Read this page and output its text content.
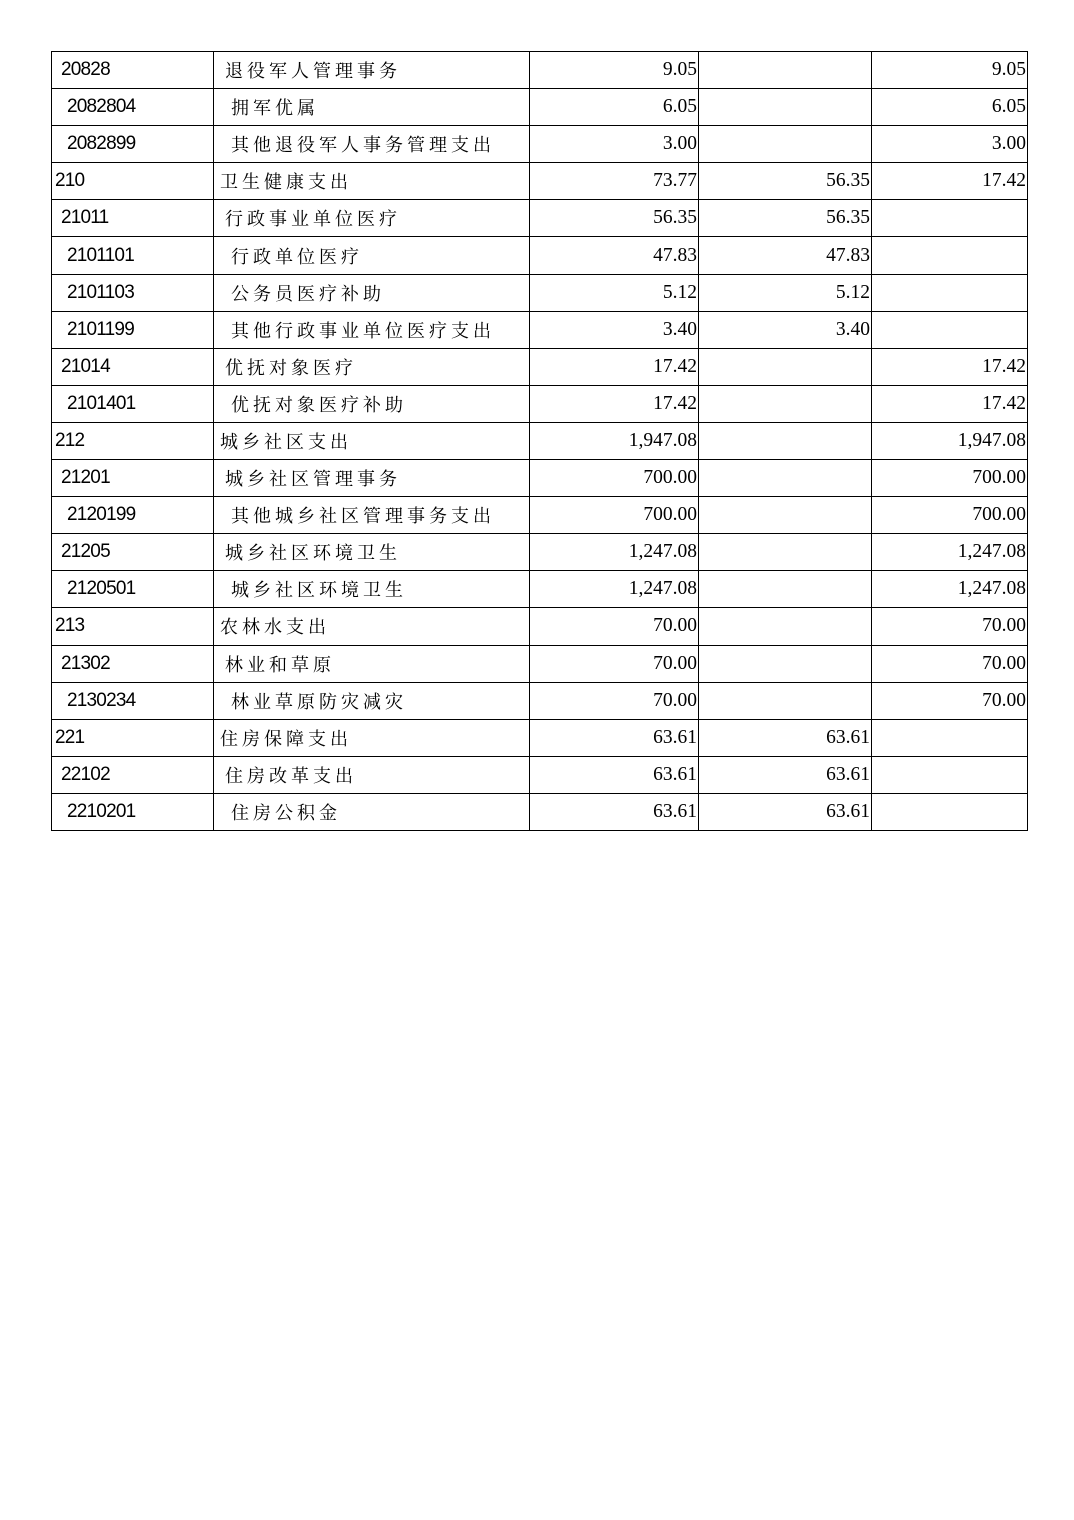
20828	退役军人管理事务	9.05		9.05
2082804	拥军优属	6.05		6.05
2082899	其他退役军人事务管理支出	3.00		3.00
210	卫生健康支出	73.77	56.35	17.42
21011	行政事业单位医疗	56.35	56.35	
2101101	行政单位医疗	47.83	47.83	
2101103	公务员医疗补助	5.12	5.12	
2101199	其他行政事业单位医疗支出	3.40	3.40	
21014	优抚对象医疗	17.42		17.42
2101401	优抚对象医疗补助	17.42		17.42
212	城乡社区支出	1,947.08		1,947.08
21201	城乡社区管理事务	700.00		700.00
2120199	其他城乡社区管理事务支出	700.00		700.00
21205	城乡社区环境卫生	1,247.08		1,247.08
2120501	城乡社区环境卫生	1,247.08		1,247.08
213	农林水支出	70.00		70.00
21302	林业和草原	70.00		70.00
2130234	林业草原防灾减灾	70.00		70.00
221	住房保障支出	63.61	63.61	
22102	住房改革支出	63.61	63.61	
2210201	住房公积金	63.61	63.61	
